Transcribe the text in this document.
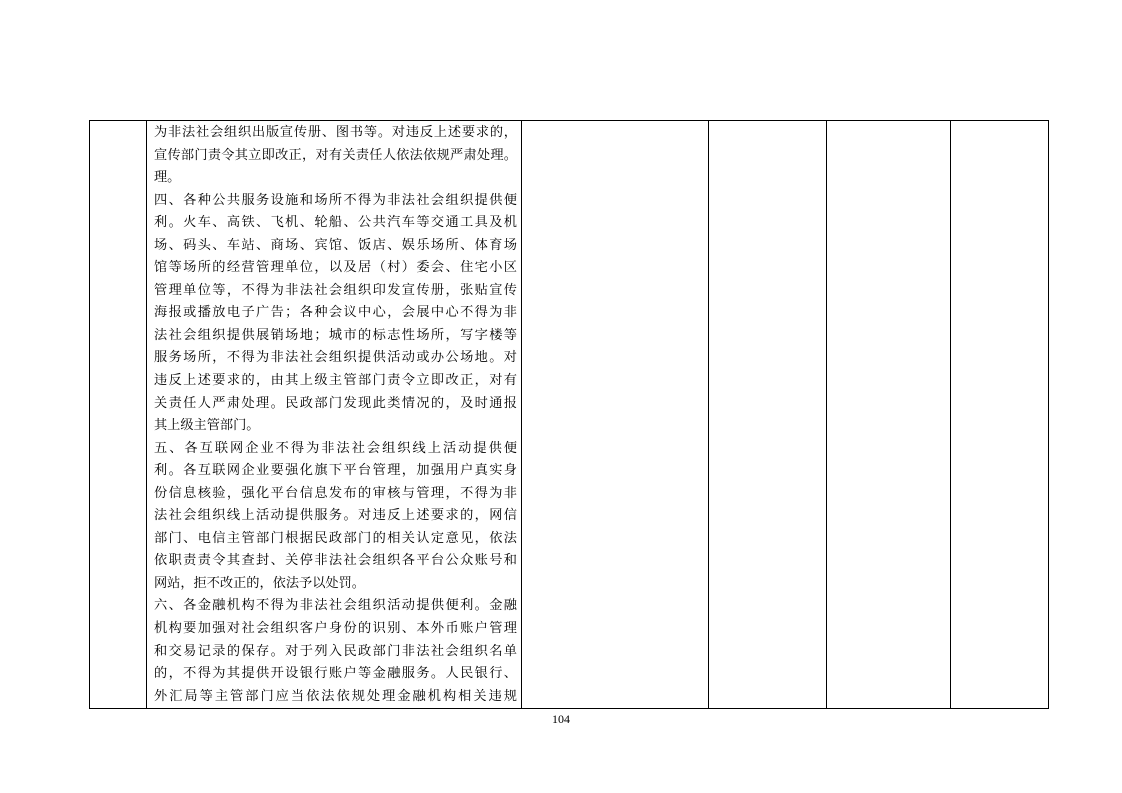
为非法社会组织出版宣传册、图书等。对违反上述要求的，
宣传部门责令其立即改正，对有关责任人依法依规严肃处理。
理。
四、各种公共服务设施和场所不得为非法社会组织提供便
利。火车、高铁、飞机、轮船、公共汽车等交通工具及机
场、码头、车站、商场、宾馆、饭店、娱乐场所、体育场
馆等场所的经营管理单位，以及居（村）委会、住宅小区
管理单位等，不得为非法社会组织印发宣传册，张贴宣传
海报或播放电子广告；各种会议中心，会展中心不得为非
法社会组织提供展销场地；城市的标志性场所，写字楼等
服务场所，不得为非法社会组织提供活动或办公场地。对
违反上述要求的，由其上级主管部门责令立即改正，对有
关责任人严肃处理。民政部门发现此类情况的，及时通报
其上级主管部门。
五、各互联网企业不得为非法社会组织线上活动提供便
利。各互联网企业要强化旗下平台管理，加强用户真实身
份信息核验，强化平台信息发布的审核与管理，不得为非
法社会组织线上活动提供服务。对违反上述要求的，网信
部门、电信主管部门根据民政部门的相关认定意见，依法
依职责责令其查封、关停非法社会组织各平台公众账号和
网站，拒不改正的，依法予以处罚。
六、各金融机构不得为非法社会组织活动提供便利。金融
机构要加强对社会组织客户身份的识别、本外币账户管理
和交易记录的保存。对于列入民政部门非法社会组织名单
的，不得为其提供开设银行账户等金融服务。人民银行、
外汇局等主管部门应当依法依规处理金融机构相关违规

104
